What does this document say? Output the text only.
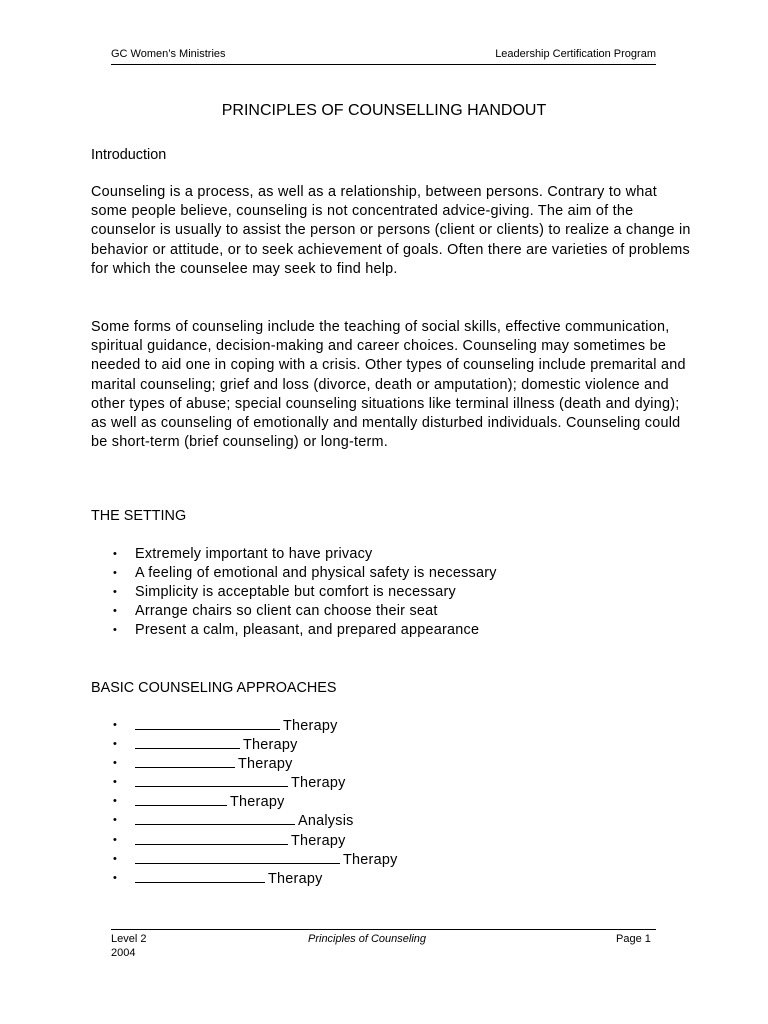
GC Women’s Ministries	Leadership Certification Program
PRINCIPLES OF COUNSELLING HANDOUT
Introduction
Counseling is a process, as well as a relationship, between persons. Contrary to what some people believe, counseling is not concentrated advice-giving. The aim of the counselor is usually to assist the person or persons (client or clients) to realize a change in behavior or attitude, or to seek achievement of goals. Often there are varieties of problems for which the counselee may seek to find help.
Some forms of counseling include the teaching of social skills, effective communication, spiritual guidance, decision-making and career choices. Counseling may sometimes be needed to aid one in coping with a crisis. Other types of counseling include premarital and marital counseling; grief and loss (divorce, death or amputation); domestic violence and other types of abuse; special counseling situations like terminal illness (death and dying); as well as counseling of emotionally and mentally disturbed individuals. Counseling could be short-term (brief counseling) or long-term.
THE SETTING
• Extremely important to have privacy
• A feeling of emotional and physical safety is necessary
• Simplicity is acceptable but comfort is necessary
• Arrange chairs so client can choose their seat
• Present a calm, pleasant, and prepared appearance
BASIC COUNSELING APPROACHES
•	Therapy
•	Therapy
•	Therapy
•	Therapy
•	Therapy
•	Analysis
•	Therapy
•	Therapy
•	Therapy
Level 2
2004
Principles of Counseling	Page 1
